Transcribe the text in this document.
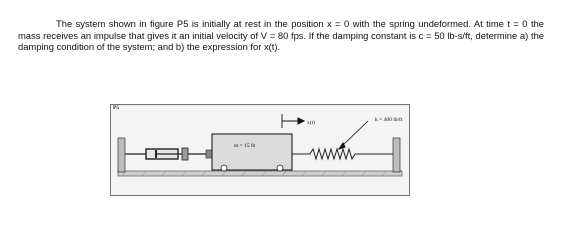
The system shown in figure P5 is initially at rest in the position x = 0 with the spring undeformed. At time t = 0 the mass receives an impulse that gives it an initial velocity of V = 80 fps. If the damping constant is c = 50 lb-s/ft, determine a) the damping condition of the system; and b) the expression for x(t).

P5
x(t)	k = 400 lb/ft
m = 15 lb
